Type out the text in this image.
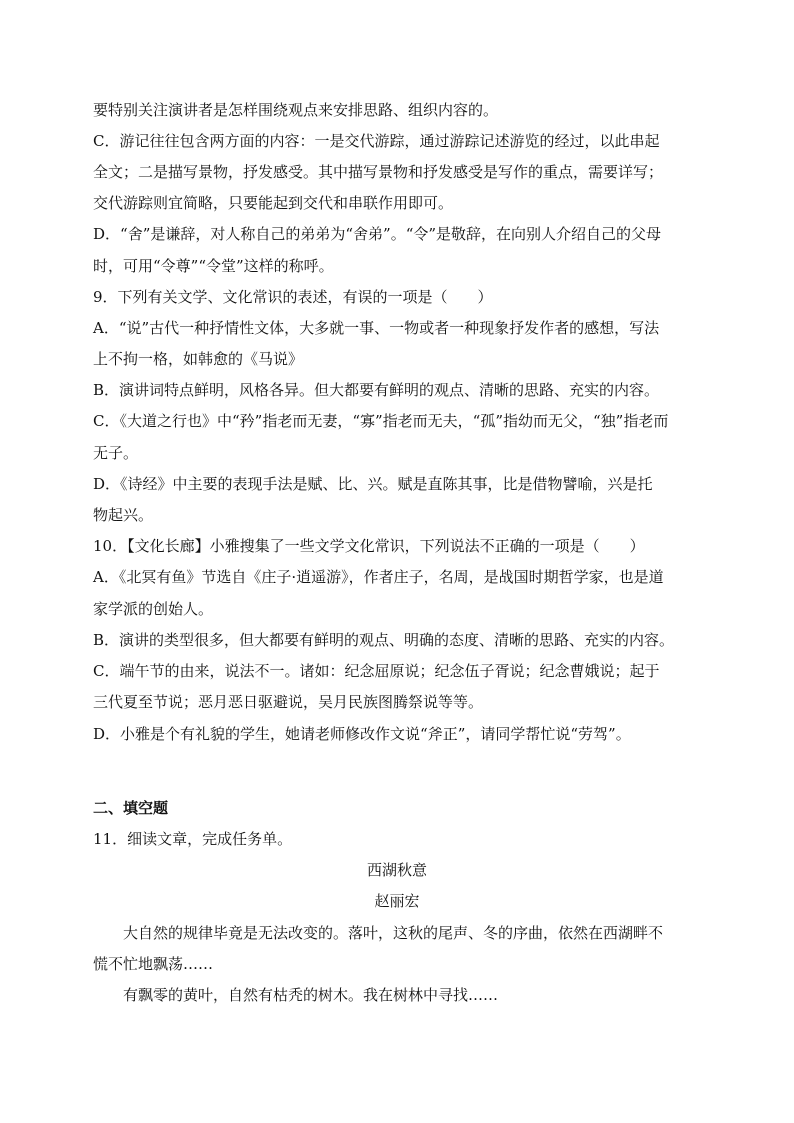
要特别关注演讲者是怎样围绕观点来安排思路、组织内容的。
C．游记往往包含两方面的内容：一是交代游踪，通过游踪记述游览的经过，以此串起
全文；二是描写景物，抒发感受。其中描写景物和抒发感受是写作的重点，需要详写；
交代游踪则宜简略，只要能起到交代和串联作用即可。
D．“舍”是谦辞，对人称自己的弟弟为“舍弟”。“令”是敬辞，在向别人介绍自己的父母
时，可用“令尊”“令堂”这样的称呼。
9．下列有关文学、文化常识的表述，有误的一项是（　　）
A．“说”古代一种抒情性文体，大多就一事、一物或者一种现象抒发作者的感想，写法
上不拘一格，如韩愈的《马说》
B．演讲词特点鲜明，风格各异。但大都要有鲜明的观点、清晰的思路、充实的内容。
C．《大道之行也》中“矜”指老而无妻，“寡”指老而无夫，“孤”指幼而无父，“独”指老而
无子。
D．《诗经》中主要的表现手法是赋、比、兴。赋是直陈其事，比是借物譬喻，兴是托
物起兴。
10．【文化长廊】小雅搜集了一些文学文化常识，下列说法不正确的一项是（　　）
A．《北冥有鱼》节选自《庄子·逍遥游》，作者庄子，名周，是战国时期哲学家，也是道
家学派的创始人。
B．演讲的类型很多，但大都要有鲜明的观点、明确的态度、清晰的思路、充实的内容。
C．端午节的由来，说法不一。诸如：纪念屈原说；纪念伍子胥说；纪念曹娥说；起于
三代夏至节说；恶月恶日驱避说，吴月民族图腾祭说等等。
D．小雅是个有礼貌的学生，她请老师修改作文说“斧正”，请同学帮忙说“劳驾”。
二、填空题
11．细读文章，完成任务单。
西湖秋意
赵丽宏
大自然的规律毕竟是无法改变的。落叶，这秋的尾声、冬的序曲，依然在西湖畔不
慌不忙地飘荡……
有飘零的黄叶，自然有枯秃的树木。我在树林中寻找……
